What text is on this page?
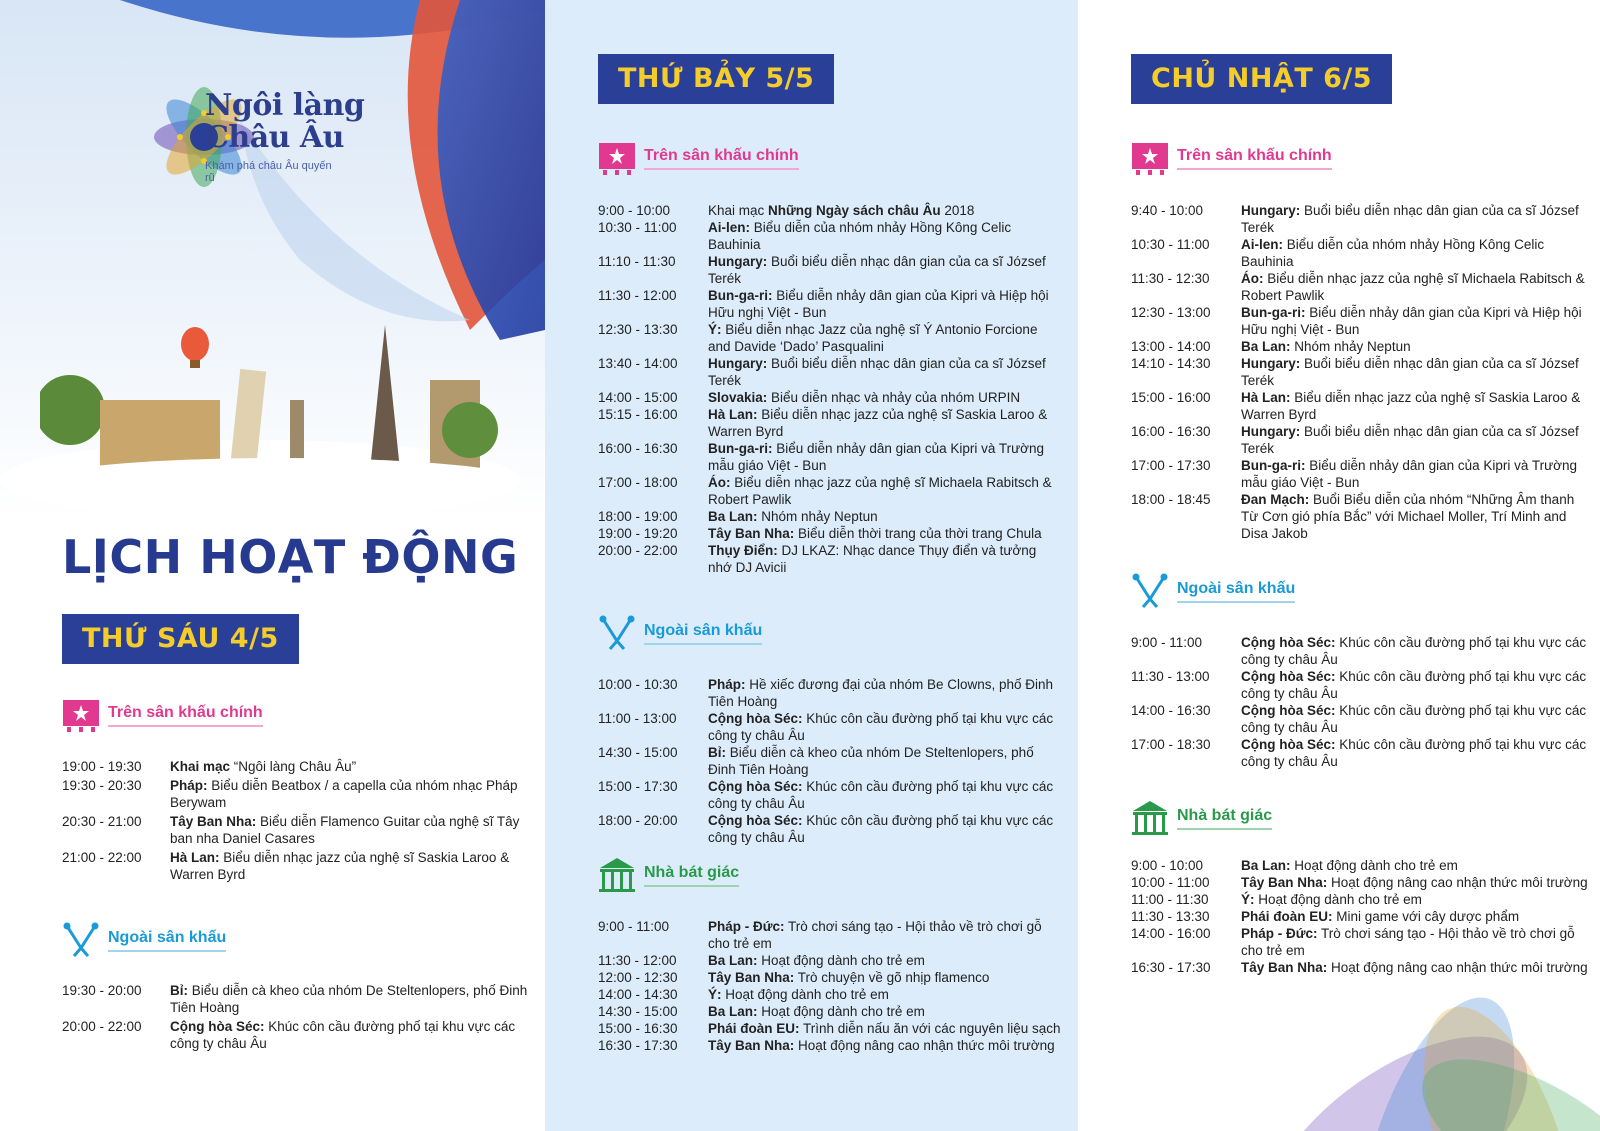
Ngôi làng
Châu Âu
Khám phá châu Âu quyến rũ
LỊCH HOẠT ĐỘNG
THỨ SÁU 4/5
Trên sân khấu chính
19:00 - 19:30	Khai mạc “Ngôi làng Châu Âu”
19:30 - 20:30	Pháp: Biểu diễn Beatbox / a capella của nhóm nhạc Pháp Berywam
20:30 - 21:00	Tây Ban Nha: Biểu diễn Flamenco Guitar của nghệ sĩ Tây ban nha Daniel Casares
21:00 - 22:00	Hà Lan: Biểu diễn nhạc jazz của nghệ sĩ Saskia Laroo & Warren Byrd
Ngoài sân khấu
19:30 - 20:00	Bỉ: Biểu diễn cà kheo của nhóm De Steltenlopers, phố Đinh Tiên Hoàng
20:00 - 22:00	Cộng hòa Séc: Khúc côn cầu đường phố tại khu vực các công ty châu Âu
THỨ BẢY 5/5
Trên sân khấu chính
9:00 - 10:00	Khai mạc Những Ngày sách châu Âu 2018
10:30 - 11:00	Ai-len: Biểu diễn của nhóm nhảy Hồng Kông Celic Bauhinia
11:10 - 11:30	Hungary: Buổi biểu diễn nhạc dân gian của ca sĩ József Terék
11:30 - 12:00	Bun-ga-ri: Biểu diễn nhảy dân gian của Kipri và Hiệp hội Hữu nghị Việt - Bun
12:30 - 13:30	Ý: Biểu diễn nhạc Jazz của nghệ sĩ Ý Antonio Forcione and Davide ‘Dado’ Pasqualini
13:40 - 14:00	Hungary: Buổi biểu diễn nhạc dân gian của ca sĩ József Terék
14:00 - 15:00	Slovakia: Biểu diễn nhạc và nhảy của nhóm URPIN
15:15 - 16:00	Hà Lan: Biểu diễn nhạc jazz của nghệ sĩ Saskia Laroo & Warren Byrd
16:00 - 16:30	Bun-ga-ri: Biểu diễn nhảy dân gian của Kipri và Trường mẫu giáo Việt - Bun
17:00 - 18:00	Áo: Biểu diễn nhạc jazz của nghệ sĩ Michaela Rabitsch & Robert Pawlik
18:00 - 19:00	Ba Lan: Nhóm nhảy Neptun
19:00 - 19:20	Tây Ban Nha: Biểu diễn thời trang của thời trang Chula
20:00 - 22:00	Thụy Điển: DJ LKAZ: Nhạc dance Thụy điển và tưởng nhớ DJ Avicii
Ngoài sân khấu
10:00 - 10:30	Pháp: Hề xiếc đương đại của nhóm Be Clowns, phố Đinh Tiên Hoàng
11:00 - 13:00	Cộng hòa Séc: Khúc côn cầu đường phố tại khu vực các công ty châu Âu
14:30 - 15:00	Bỉ: Biểu diễn cà kheo của nhóm De Steltenlopers, phố Đinh Tiên Hoàng
15:00 - 17:30	Cộng hòa Séc: Khúc côn cầu đường phố tại khu vực các công ty châu Âu
18:00 - 20:00	Cộng hòa Séc: Khúc côn cầu đường phố tại khu vực các công ty châu Âu
Nhà bát giác
9:00 - 11:00	Pháp - Đức: Trò chơi sáng tạo - Hội thảo về trò chơi gỗ cho trẻ em
11:30 - 12:00	Ba Lan: Hoạt động dành cho trẻ em
12:00 - 12:30	Tây Ban Nha: Trò chuyện về gõ nhịp flamenco
14:00 - 14:30	Ý: Hoạt động dành cho trẻ em
14:30 - 15:00	Ba Lan: Hoạt động dành cho trẻ em
15:00 - 16:30	Phái đoàn EU: Trình diễn nấu ăn với các nguyên liệu sạch
16:30 - 17:30	Tây Ban Nha: Hoạt động nâng cao nhận thức môi trường
CHỦ NHẬT 6/5
Trên sân khấu chính
9:40 - 10:00	Hungary: Buổi biểu diễn nhạc dân gian của ca sĩ József Terék
10:30 - 11:00	Ai-len: Biểu diễn của nhóm nhảy Hồng Kông Celic Bauhinia
11:30 - 12:30	Áo: Biểu diễn nhạc jazz của nghệ sĩ Michaela Rabitsch & Robert Pawlik
12:30 - 13:00	Bun-ga-ri: Biểu diễn nhảy dân gian của Kipri và Hiệp hội Hữu nghị Việt - Bun
13:00 - 14:00	Ba Lan: Nhóm nhảy Neptun
14:10 - 14:30	Hungary: Buổi biểu diễn nhạc dân gian của ca sĩ József Terék
15:00 - 16:00	Hà Lan: Biểu diễn nhạc jazz của nghệ sĩ Saskia Laroo & Warren Byrd
16:00 - 16:30	Hungary: Buổi biểu diễn nhạc dân gian của ca sĩ József Terék
17:00 - 17:30	Bun-ga-ri: Biểu diễn nhảy dân gian của Kipri và Trường mẫu giáo Việt - Bun
18:00 - 18:45	Đan Mạch: Buổi Biểu diễn của nhóm “Những Âm thanh Từ Cơn gió phía Bắc” với Michael Moller, Trí Minh and Disa Jakob
Ngoài sân khấu
9:00 - 11:00	Cộng hòa Séc: Khúc côn cầu đường phố tại khu vực các công ty châu Âu
11:30 - 13:00	Cộng hòa Séc: Khúc côn cầu đường phố tại khu vực các công ty châu Âu
14:00 - 16:30	Cộng hòa Séc: Khúc côn cầu đường phố tại khu vực các công ty châu Âu
17:00 - 18:30	Cộng hòa Séc: Khúc côn cầu đường phố tại khu vực các công ty châu Âu
Nhà bát giác
9:00 - 10:00	Ba Lan: Hoạt động dành cho trẻ em
10:00 - 11:00	Tây Ban Nha: Hoạt động nâng cao nhận thức môi trường
11:00 - 11:30	Ý: Hoạt động dành cho trẻ em
11:30 - 13:30	Phái đoàn EU: Mini game với cây dược phẩm
14:00 - 16:00	Pháp - Đức: Trò chơi sáng tạo - Hội thảo về trò chơi gỗ cho trẻ em
16:30 - 17:30	Tây Ban Nha: Hoạt động nâng cao nhận thức môi trường
